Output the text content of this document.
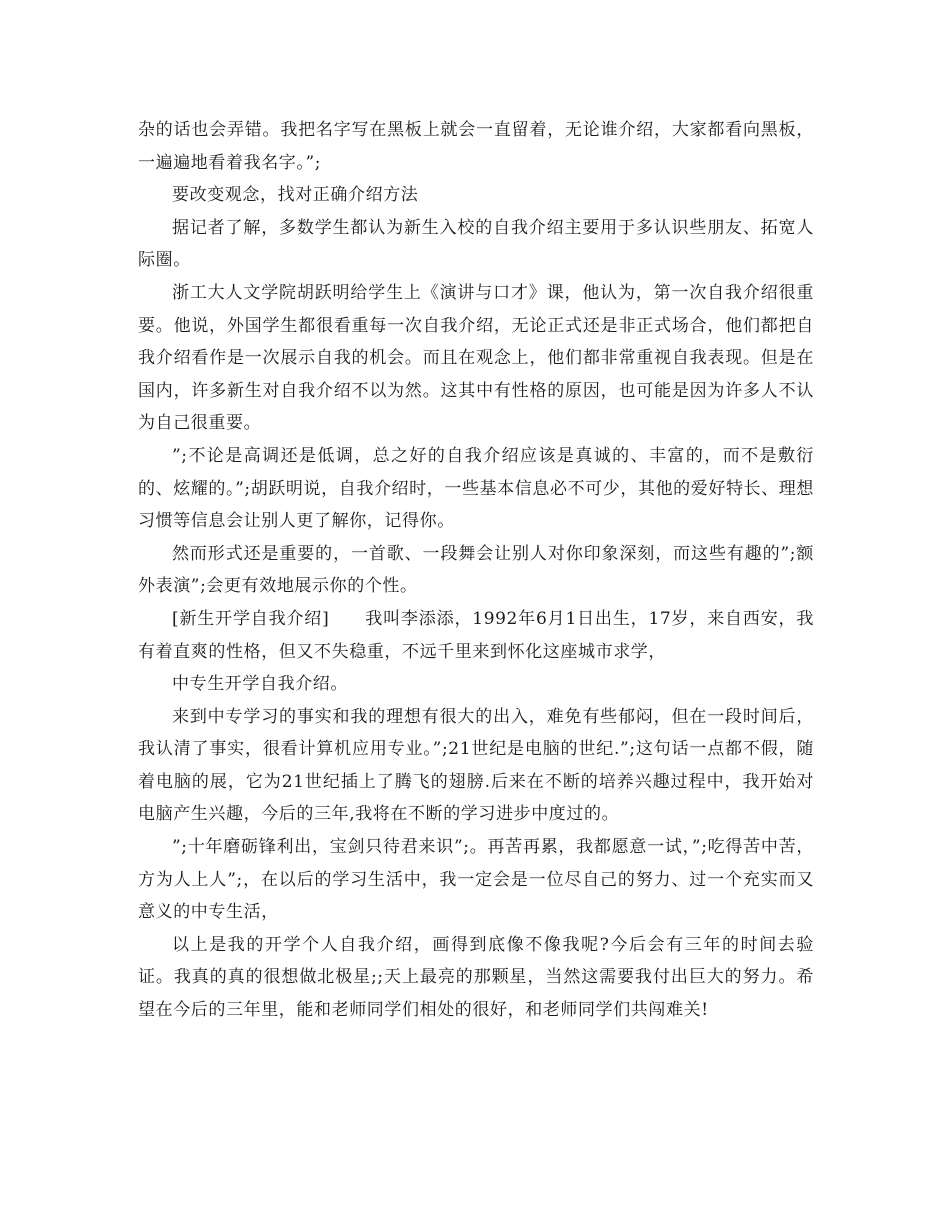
杂的话也会弄错。我把名字写在黑板上就会一直留着，无论谁介绍，大家都看向黑板，一遍遍地看着我名字。”;

要改变观念，找对正确介绍方法

据记者了解，多数学生都认为新生入校的自我介绍主要用于多认识些朋友、拓宽人际圈。

浙工大人文学院胡跃明给学生上《演讲与口才》课，他认为，第一次自我介绍很重要。他说，外国学生都很看重每一次自我介绍，无论正式还是非正式场合，他们都把自我介绍看作是一次展示自我的机会。而且在观念上，他们都非常重视自我表现。但是在国内，许多新生对自我介绍不以为然。这其中有性格的原因，也可能是因为许多人不认为自己很重要。

”;不论是高调还是低调，总之好的自我介绍应该是真诚的、丰富的，而不是敷衍的、炫耀的。”;胡跃明说，自我介绍时，一些基本信息必不可少，其他的爱好特长、理想习惯等信息会让别人更了解你，记得你。

然而形式还是重要的，一首歌、一段舞会让别人对你印象深刻，而这些有趣的”;额外表演”;会更有效地展示你的个性。

[新生开学自我介绍]　　我叫李添添，1992年6月1日出生，17岁，来自西安，我有着直爽的性格，但又不失稳重，不远千里来到怀化这座城市求学，

中专生开学自我介绍。

来到中专学习的事实和我的理想有很大的出入，难免有些郁闷，但在一段时间后，我认清了事实，很看计算机应用专业。”;21世纪是电脑的世纪.”;这句话一点都不假，随着电脑的展，它为21世纪插上了腾飞的翅膀.后来在不断的培养兴趣过程中，我开始对电脑产生兴趣，今后的三年,我将在不断的学习进步中度过的。

”;十年磨砺锋利出，宝剑只待君来识”;。再苦再累，我都愿意一试，”;吃得苦中苦，方为人上人”;，在以后的学习生活中，我一定会是一位尽自己的努力、过一个充实而又意义的中专生活，

以上是我的开学个人自我介绍，画得到底像不像我呢?今后会有三年的时间去验证。我真的真的很想做北极星;;天上最亮的那颗星，当然这需要我付出巨大的努力。希望在今后的三年里，能和老师同学们相处的很好，和老师同学们共闯难关!
